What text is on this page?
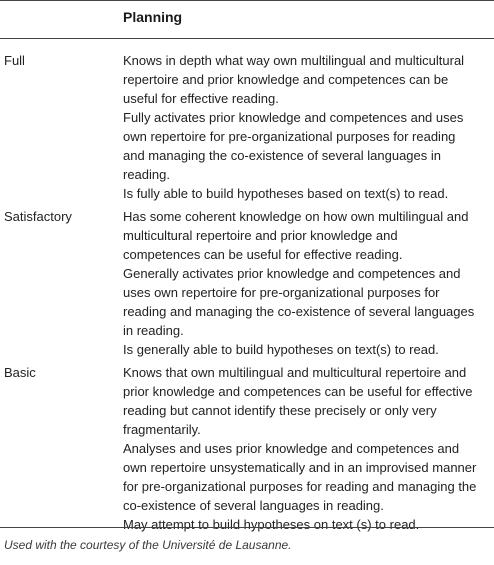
Planning
Full	Knows in depth what way own multilingual and multicultural
repertoire and prior knowledge and competences can be
useful for effective reading.
Fully activates prior knowledge and competences and uses
own repertoire for pre-organizational purposes for reading
and managing the co-existence of several languages in
reading.
Is fully able to build hypotheses based on text(s) to read.
Satisfactory	Has some coherent knowledge on how own multilingual and
multicultural repertoire and prior knowledge and
competences can be useful for effective reading.
Generally activates prior knowledge and competences and
uses own repertoire for pre-organizational purposes for
reading and managing the co-existence of several languages
in reading.
Is generally able to build hypotheses on text(s) to read.
Basic	Knows that own multilingual and multicultural repertoire and
prior knowledge and competences can be useful for effective
reading but cannot identify these precisely or only very
fragmentarily.
Analyses and uses prior knowledge and competences and
own repertoire unsystematically and in an improvised manner
for pre-organizational purposes for reading and managing the
co-existence of several languages in reading.
May attempt to build hypotheses on text (s) to read.
Used with the courtesy of the Université de Lausanne.
